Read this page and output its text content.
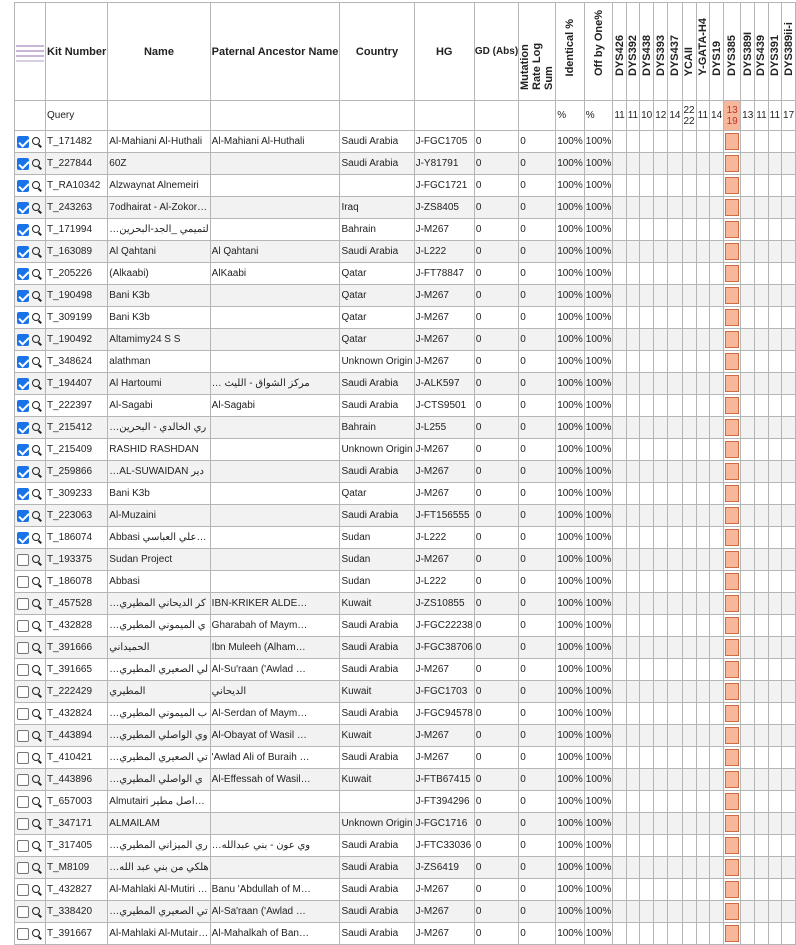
	Kit Number	Name	Paternal Ancestor Name	Country	HG	GD (Abs)	Mutation Rate Log Sum	Identical %	Off by One%	DYS426	DYS392	DYS438	DYS393	DYS437	YCAII	Y-GATA-H4	DYS19	DYS385	DYS389I	DYS439	DYS391	DYS389ii-i

	Query							%	%	11	11	10	12	14	22 22	11	14	13 19	13	11	11	17
	T_171482	Al-Mahiani Al-Huthali	Al-Mahiani Al-Huthali	Saudi Arabia	J-FGC1705	0	0	100%	100%									

	T_227844	60Z		Saudi Arabia	J-Y81791	0	0	100%	100%									

	T_RA10342	Alzwaynat Alnemeiri			J-FGC1721	0	0	100%	100%									

	T_243263	7odhairat - Al-Zokor…		Iraq	J-ZS8405	0	0	100%	100%									

	T_171994	…لتميمي _الجد-البحرين		Bahrain	J-M267	0	0	100%	100%									

	T_163089	Al Qahtani	Al Qahtani	Saudi Arabia	J-L222	0	0	100%	100%									

	T_205226	(Alkaabi)	AlKaabi	Qatar	J-FT78847	0	0	100%	100%									

	T_190498	Bani K3b		Qatar	J-M267	0	0	100%	100%									

	T_309199	Bani K3b		Qatar	J-M267	0	0	100%	100%									

	T_190492	Altamimy24 S S		Qatar	J-M267	0	0	100%	100%									

	T_348624	alathman		Unknown Origin	J-M267	0	0	100%	100%									

	T_194407	Al Hartoumi	… مركز الشواق - الليث	Saudi Arabia	J-ALK597	0	0	100%	100%									

	T_222397	Al-Sagabi	Al-Sagabi	Saudi Arabia	J-CTS9501	0	0	100%	100%									

	T_215412	…ري الخالدي - البحرين		Bahrain	J-L255	0	0	100%	100%									

	T_215409	RASHID RASHDAN		Unknown Origin	J-M267	0	0	100%	100%									

	T_259866	…AL-SUWAIDAN دير		Saudi Arabia	J-M267	0	0	100%	100%									

	T_309233	Bani K3b		Qatar	J-M267	0	0	100%	100%									

	T_223063	Al-Muzaini		Saudi Arabia	J-FT156555	0	0	100%	100%									

	T_186074	Abbasi علي العباسي…		Sudan	J-L222	0	0	100%	100%									

	T_193375	Sudan Project		Sudan	J-M267	0	0	100%	100%									

	T_186078	Abbasi		Sudan	J-L222	0	0	100%	100%									

	T_457528	…كر الديحاني المطيري	IBN-KRIKER ALDE…	Kuwait	J-ZS10855	0	0	100%	100%									

	T_432828	…ي الميموني المطيري	Gharabah of Maym…	Saudi Arabia	J-FGC22238	0	0	100%	100%									

	T_391666	الحميداني	Ibn Muleeh (Alham…	Saudi Arabia	J-FGC38706	0	0	100%	100%									

	T_391665	…لي الصعيري المطيري	Al-Su'raan ('Awlad …	Saudi Arabia	J-M267	0	0	100%	100%									

	T_222429	المطيري	الديحاني	Kuwait	J-FGC1703	0	0	100%	100%									

	T_432824	…ب الميموني المطيري	Al-Serdan of Maym…	Saudi Arabia	J-FGC94578	0	0	100%	100%									

	T_443894	…وي الواصلي المطيري	Al-Obayat of Wasil …	Kuwait	J-M267	0	0	100%	100%									

	T_410421	…تي الصعيري المطيري	'Awlad Ali of Buraih …	Saudi Arabia	J-M267	0	0	100%	100%									

	T_443896	…ي الواصلي المطيري	Al-Effessah of Wasil…	Kuwait	J-FTB67415	0	0	100%	100%									

	T_657003	Almutairi اصل مطير…			J-FT394296	0	0	100%	100%									

	T_347171	ALMAILAM		Unknown Origin	J-FGC1716	0	0	100%	100%									

	T_317405	…ري الميزاني المطيري	…وي عون - بني عبدالله	Saudi Arabia	J-FTC33036	0	0	100%	100%									

	T_M8109	…هلكي من بني عبد الله		Saudi Arabia	J-ZS6419	0	0	100%	100%									

	T_432827	Al-Mahlaki Al-Mutiri …	Banu 'Abdullah of M…	Saudi Arabia	J-M267	0	0	100%	100%									

	T_338420	…تي الصعيري المطيري	Al-Sa'raan ('Awlad …	Saudi Arabia	J-M267	0	0	100%	100%									

	T_391667	Al-Mahlaki Al-Mutair…	Al-Mahalkah of Ban…	Saudi Arabia	J-M267	0	0	100%	100%									
